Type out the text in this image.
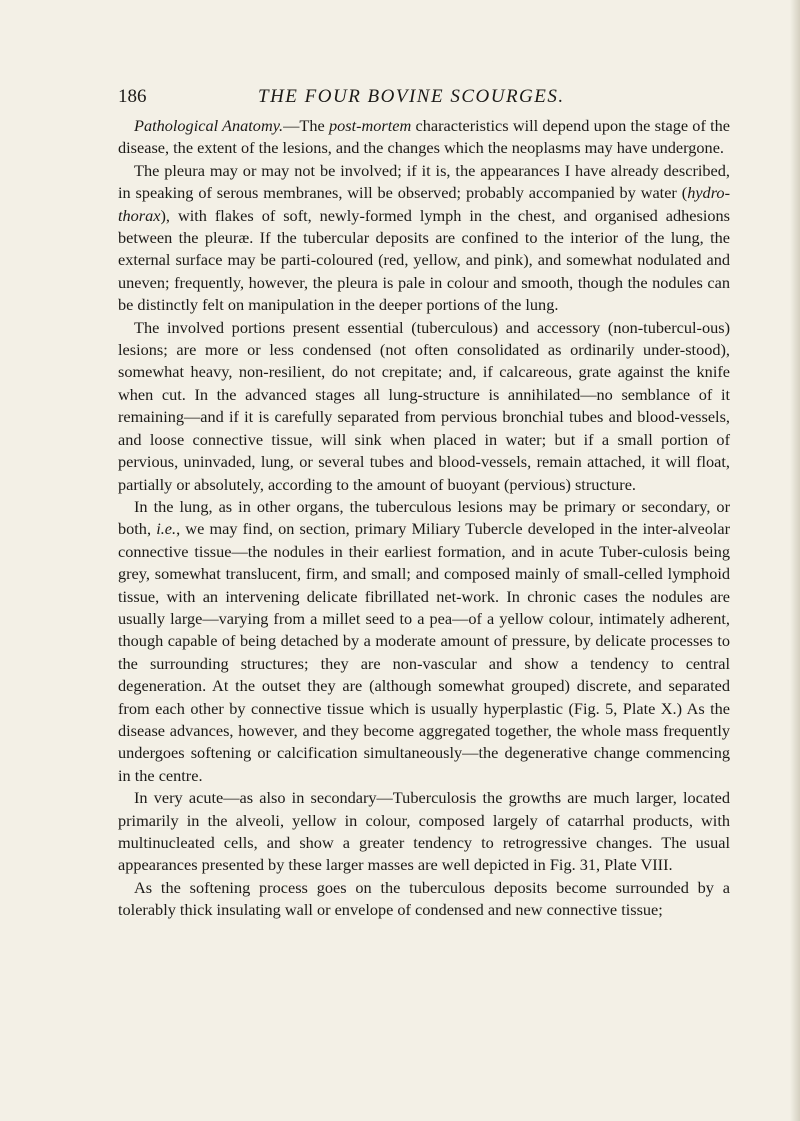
186	THE FOUR BOVINE SCOURGES.

Pathological Anatomy.—The post-mortem characteristics will depend upon the stage of the disease, the extent of the lesions, and the changes which the neoplasms may have undergone.

The pleura may or may not be involved; if it is, the appearances I have already described, in speaking of serous membranes, will be observed; probably accompanied by water (hydro-thorax), with flakes of soft, newly-formed lymph in the chest, and organised adhesions between the pleuræ. If the tubercular deposits are confined to the interior of the lung, the external surface may be parti-coloured (red, yellow, and pink), and somewhat nodulated and uneven; frequently, however, the pleura is pale in colour and smooth, though the nodules can be distinctly felt on manipulation in the deeper portions of the lung.

The involved portions present essential (tuberculous) and accessory (non-tubercul-ous) lesions; are more or less condensed (not often consolidated as ordinarily under-stood), somewhat heavy, non-resilient, do not crepitate; and, if calcareous, grate against the knife when cut. In the advanced stages all lung-structure is annihilated—no semblance of it remaining—and if it is carefully separated from pervious bronchial tubes and blood-vessels, and loose connective tissue, will sink when placed in water; but if a small portion of pervious, uninvaded, lung, or several tubes and blood-vessels, remain attached, it will float, partially or absolutely, according to the amount of buoyant (pervious) structure.

In the lung, as in other organs, the tuberculous lesions may be primary or secondary, or both, i.e., we may find, on section, primary Miliary Tubercle developed in the inter-alveolar connective tissue—the nodules in their earliest formation, and in acute Tuber-culosis being grey, somewhat translucent, firm, and small; and composed mainly of small-celled lymphoid tissue, with an intervening delicate fibrillated net-work. In chronic cases the nodules are usually large—varying from a millet seed to a pea—of a yellow colour, intimately adherent, though capable of being detached by a moderate amount of pressure, by delicate processes to the surrounding structures; they are non-vascular and show a tendency to central degeneration. At the outset they are (although somewhat grouped) discrete, and separated from each other by connective tissue which is usually hyperplastic (Fig. 5, Plate X.) As the disease advances, however, and they become aggregated together, the whole mass frequently undergoes softening or calcification simultaneously—the degenerative change commencing in the centre.

In very acute—as also in secondary—Tuberculosis the growths are much larger, located primarily in the alveoli, yellow in colour, composed largely of catarrhal products, with multinucleated cells, and show a greater tendency to retrogressive changes. The usual appearances presented by these larger masses are well depicted in Fig. 31, Plate VIII.

As the softening process goes on the tuberculous deposits become surrounded by a tolerably thick insulating wall or envelope of condensed and new connective tissue;
